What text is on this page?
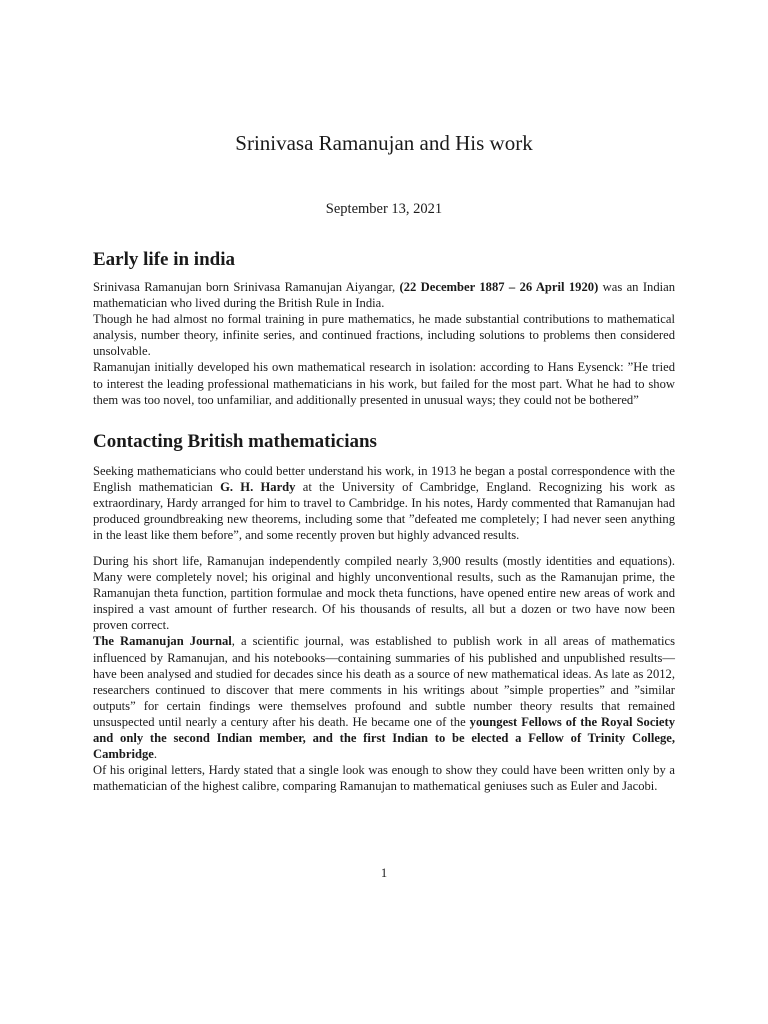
Srinivasa Ramanujan and His work
September 13, 2021
Early life in india
Srinivasa Ramanujan born Srinivasa Ramanujan Aiyangar, (22 December 1887 – 26 April 1920) was an Indian mathematician who lived during the British Rule in India.
Though he had almost no formal training in pure mathematics, he made substantial contributions to mathematical analysis, number theory, infinite series, and continued fractions, including solutions to problems then considered unsolvable.
Ramanujan initially developed his own mathematical research in isolation: according to Hans Eysenck: ”He tried to interest the leading professional mathematicians in his work, but failed for the most part. What he had to show them was too novel, too unfamiliar, and additionally presented in unusual ways; they could not be bothered”
Contacting British mathematicians
Seeking mathematicians who could better understand his work, in 1913 he began a postal correspondence with the English mathematician G. H. Hardy at the University of Cambridge, England. Recognizing his work as extraordinary, Hardy arranged for him to travel to Cambridge. In his notes, Hardy commented that Ramanujan had produced groundbreaking new theorems, including some that ”defeated me completely; I had never seen anything in the least like them before”, and some recently proven but highly advanced results.
During his short life, Ramanujan independently compiled nearly 3,900 results (mostly identities and equations). Many were completely novel; his original and highly unconventional results, such as the Ramanujan prime, the Ramanujan theta function, partition formulae and mock theta functions, have opened entire new areas of work and inspired a vast amount of further research. Of his thousands of results, all but a dozen or two have now been proven correct.
The Ramanujan Journal, a scientific journal, was established to publish work in all areas of mathematics influenced by Ramanujan, and his notebooks—containing summaries of his published and unpublished results—have been analysed and studied for decades since his death as a source of new mathematical ideas. As late as 2012, researchers continued to discover that mere comments in his writings about ”simple properties” and ”similar outputs” for certain findings were themselves profound and subtle number theory results that remained unsuspected until nearly a century after his death. He became one of the youngest Fellows of the Royal Society and only the second Indian member, and the first Indian to be elected a Fellow of Trinity College, Cambridge.
Of his original letters, Hardy stated that a single look was enough to show they could have been written only by a mathematician of the highest calibre, comparing Ramanujan to mathematical geniuses such as Euler and Jacobi.
1
